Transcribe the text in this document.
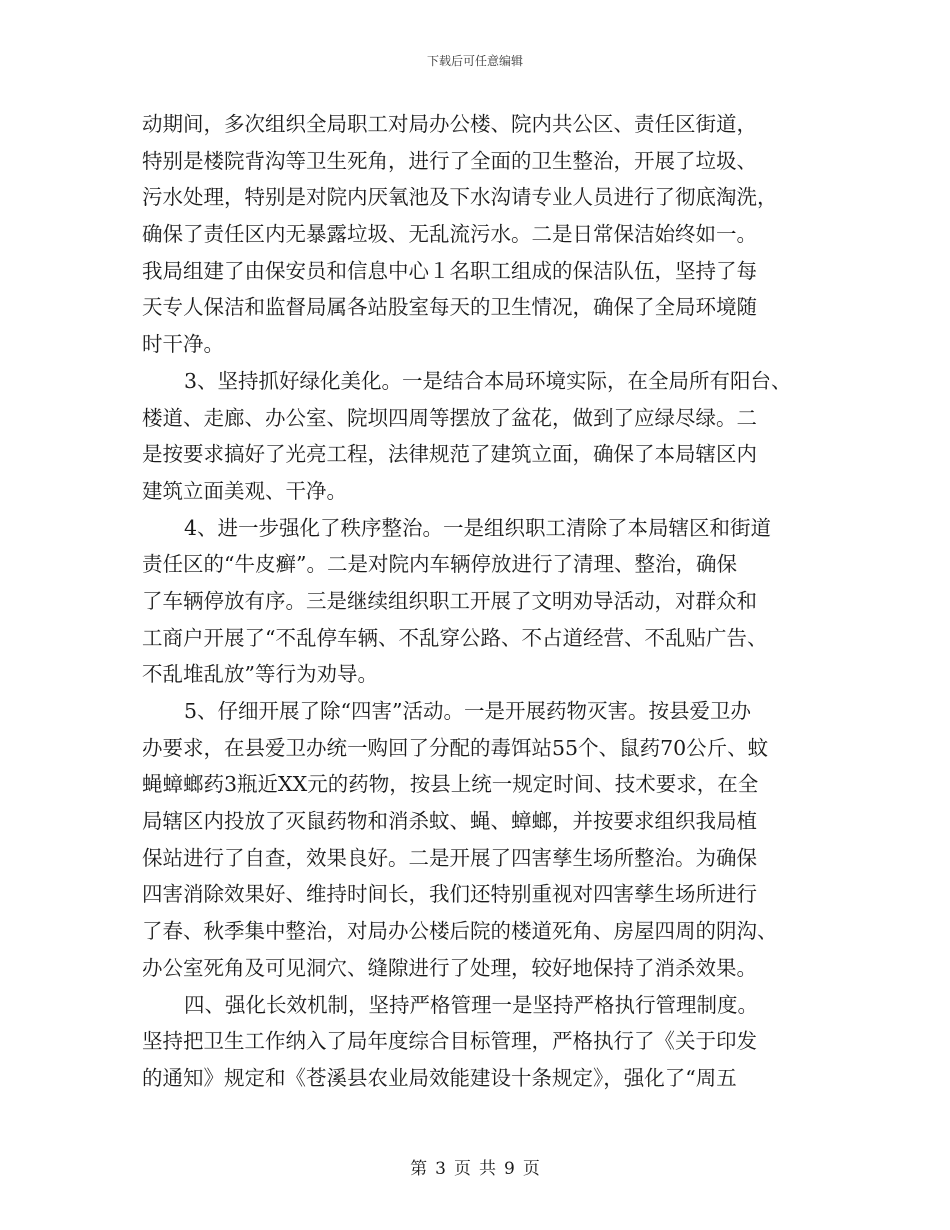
下载后可任意编辑
动期间，多次组织全局职工对局办公楼、院内共公区、责任区街道，
特别是楼院背沟等卫生死角，进行了全面的卫生整治，开展了垃圾、
污水处理，特别是对院内厌氧池及下水沟请专业人员进行了彻底淘洗，
确保了责任区内无暴露垃圾、无乱流污水。二是日常保洁始终如一。
我局组建了由保安员和信息中心１名职工组成的保洁队伍，坚持了每
天专人保洁和监督局属各站股室每天的卫生情况，确保了全局环境随
时干净。
3、坚持抓好绿化美化。一是结合本局环境实际，在全局所有阳台、
楼道、走廊、办公室、院坝四周等摆放了盆花，做到了应绿尽绿。二
是按要求搞好了光亮工程，法律规范了建筑立面，确保了本局辖区内
建筑立面美观、干净。
4、进一步强化了秩序整治。一是组织职工清除了本局辖区和街道
责任区的“牛皮癣”。二是对院内车辆停放进行了清理、整治，确保
了车辆停放有序。三是继续组织职工开展了文明劝导活动，对群众和
工商户开展了“不乱停车辆、不乱穿公路、不占道经营、不乱贴广告、
不乱堆乱放”等行为劝导。
5、仔细开展了除“四害”活动。一是开展药物灭害。按县爱卫办
办要求，在县爱卫办统一购回了分配的毒饵站55个、鼠药70公斤、蚊
蝇蟑螂药3瓶近XX元的药物，按县上统一规定时间、技术要求，在全
局辖区内投放了灭鼠药物和消杀蚊、蝇、蟑螂，并按要求组织我局植
保站进行了自查，效果良好。二是开展了四害孳生场所整治。为确保
四害消除效果好、维持时间长，我们还特别重视对四害孳生场所进行
了春、秋季集中整治，对局办公楼后院的楼道死角、房屋四周的阴沟、
办公室死角及可见洞穴、缝隙进行了处理，较好地保持了消杀效果。
四、强化长效机制，坚持严格管理一是坚持严格执行管理制度。
坚持把卫生工作纳入了局年度综合目标管理，严格执行了《关于印发
的通知》规定和《苍溪县农业局效能建设十条规定》，强化了“周五
第 3 页 共 9 页
